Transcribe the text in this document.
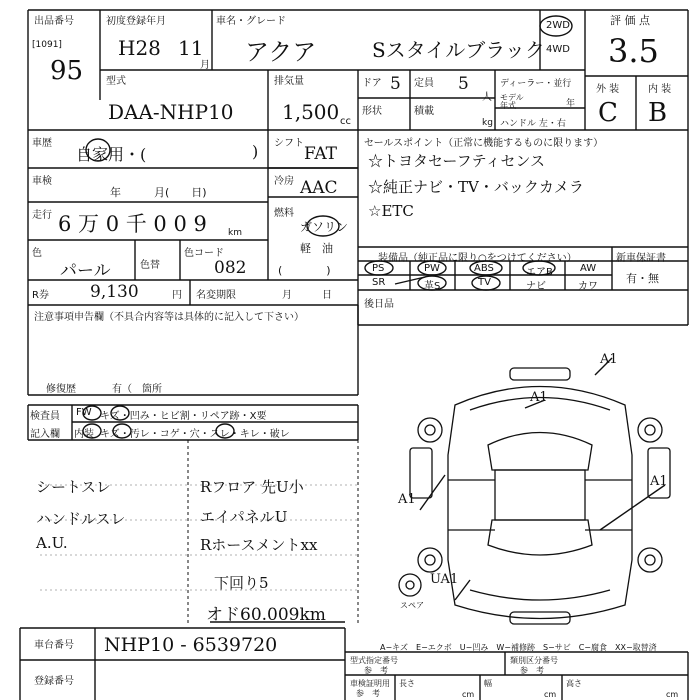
出品番号
[1091]
95
初度登録年月
H28 11
月
車名・グレード
アクア	Sスタイルブラック
2WD
4WD
評 価 点
3.5
外 装	内 装
C B
型式
DAA-NHP10
排気量
1,500 cc
ドア 5 定員 5
人
形状	積載
kg
ディーラー・並行
モデル
年式	年
ハンドル 左・右
車歴
自家用・(	) シフト
FAT
車検
年　　　月(　　日)
冷房 AAC
走行 6 万 0 千 0 0 9 km
燃料
ガソリン
軽　油
(　　　　)
色
パール	色替
色コード
082
R券 9,130	円 名変期限	月　　　日
セールスポイント（正常に機能するものに限ります）
☆トヨタセーフティセンス
☆純正ナビ・TV・バックカメラ
☆ETC
装備品（純正品に限り○をつけてください）	新車保証書
有・無
PS	PW	ABS	エアB	AW
SR	革S	TV	ナビ	カワ
後日品
注意事項申告欄（不具合内容等は具体的に記入して下さい）
修復歴	有（　箇所
検査員
記入欄
FW キズ・凹み・ヒビ割・リペア跡・X要
内装 キズ・汚レ・コゲ・穴・スレ・キレ・破レ
シートスレ
ハンドルスレ
A.U.
Rフロア 先U小
エイパネルU
Rホースメントxx
下回り5
オド60.009km
A1
A1
A1
A1
UA1
スペア
A−キズ　E−エクボ　U−凹み　W−補修跡　S−サビ　C−腐食　XX−取替済
車台番号 NHP10 - 6539720
登録番号
型式指定番号
参　考
類別区分番号
参　考
車検証明用
参　考
長さ
cm
幅
cm
高さ
cm
